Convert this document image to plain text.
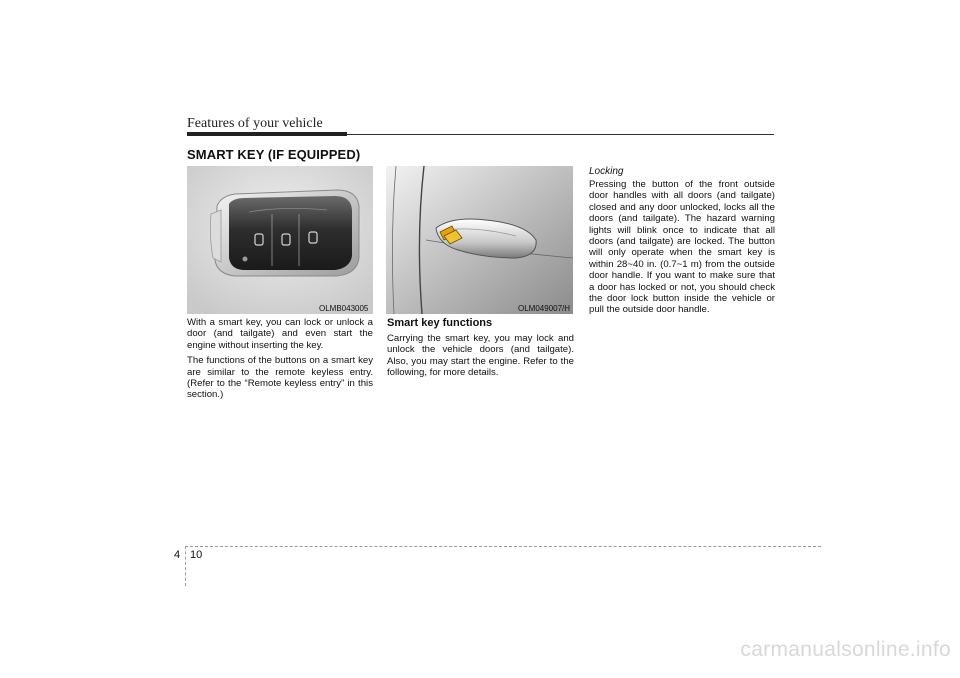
Features of your vehicle
SMART KEY (IF EQUIPPED)
OLMB043005	OLM049007/H

With a smart key, you can lock or unlock a door (and tailgate) and even start the engine without inserting the key.

The functions of the buttons on a smart key are similar to the remote keyless entry. (Refer to the “Remote keyless entry” in this section.)

Smart key functions

Carrying the smart key, you may lock and unlock the vehicle doors (and tailgate). Also, you may start the engine. Refer to the following, for more details.

Locking

Pressing the button of the front outside door handles with all doors (and tailgate) closed and any door unlocked, locks all the doors (and tailgate). The hazard warning lights will blink once to indicate that all doors (and tailgate) are locked. The button will only operate when the smart key is within 28~40 in. (0.7~1 m) from the outside door handle. If you want to make sure that a door has locked or not, you should check the door lock button inside the vehicle or pull the outside door handle.

4 10
carmanualsonline.info
